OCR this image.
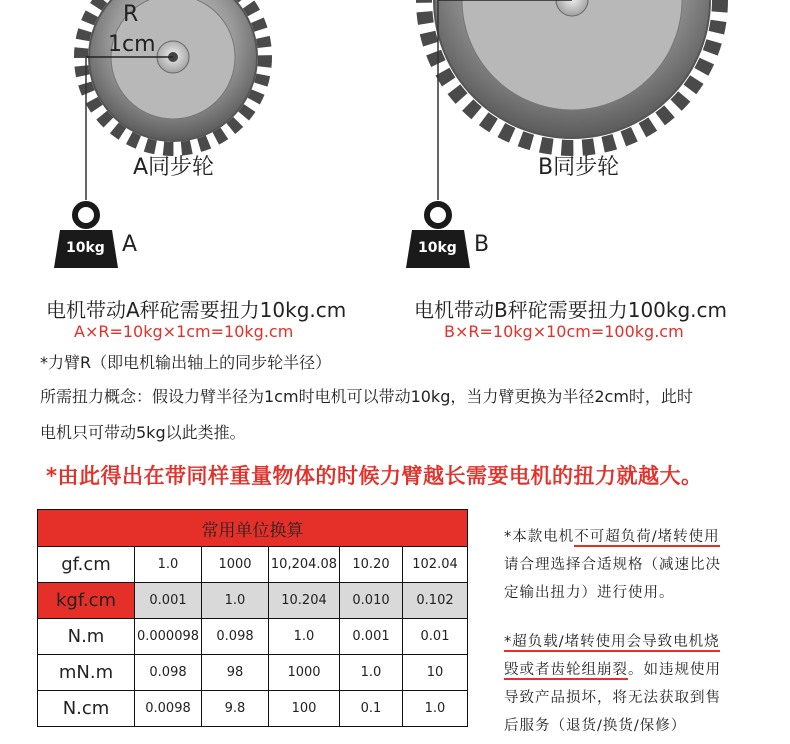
R
1cm
A同步轮	B同步轮
10kg A	10kg B
电机带动A秤砣需要扭力10kg.cm
A×R=10kg×1cm=10kg.cm
电机带动B秤砣需要扭力100kg.cm
B×R=10kg×10cm=100kg.cm
*力臂R（即电机输出轴上的同步轮半径）
所需扭力概念：假设力臂半径为1cm时电机可以带动10kg，当力臂更换为半径2cm时，此时
电机只可带动5kg以此类推。
*由此得出在带同样重量物体的时候力臂越长需要电机的扭力就越大。
常用单位换算					
gf.cm	1.0	1000	10,204.08	10.20	102.04
kgf.cm	0.001	1.0	10.204	0.010	0.102
N.m	0.000098	0.098	1.0	0.001	0.01
mN.m	0.098	98	1000	1.0	10
N.cm	0.0098	9.8	100	0.1	1.0
*本款电机不可超负荷/堵转使用
请合理选择合适规格（减速比决
定输出扭力）进行使用。
*超负载/堵转使用会导致电机烧
毁或者齿轮组崩裂。如违规使用
导致产品损坏，将无法获取到售
后服务（退货/换货/保修）
